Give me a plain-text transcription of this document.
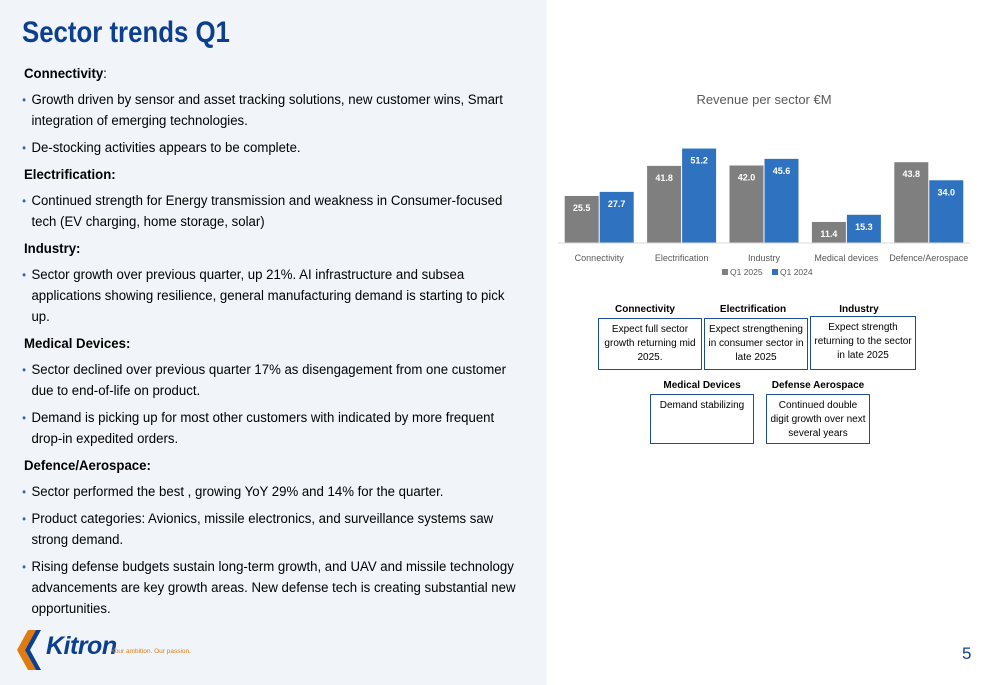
Sector trends Q1
Connectivity:
• Growth driven by sensor and asset tracking solutions, new customer wins, Smart integration of emerging technologies.
• De-stocking activities appears to be complete.
Electrification:
• Continued strength for Energy transmission and weakness in Consumer-focused tech (EV charging, home storage, solar)
Industry:
• Sector growth over previous quarter, up 21%. AI infrastructure and subsea applications showing resilience, general manufacturing demand is starting to pick up.
Medical Devices:
• Sector declined over previous quarter 17% as disengagement from one customer due to end-of-life on product.
• Demand is picking up for most other customers with indicated by more frequent drop-in expedited orders.
Defence/Aerospace:
• Sector performed the best , growing YoY 29% and 14% for the quarter.
• Product categories: Avionics, missile electronics, and surveillance systems saw strong demand.
• Rising defense budgets sustain long-term growth, and UAV and missile technology advancements are key growth areas. New defense tech is creating substantial new opportunities.
Revenue per sector €M
25.5 27.7
Connectivity
41.8
51.2
Electrification
42.0
45.6
Industry
11.4
15.3
Medical devices
43.8
34.0
Defence/Aerospace
Q1 2025 Q1 2024
Connectivity
Expect full sector growth returning mid 2025.
Electrification
Expect strengthening in consumer sector in late 2025
Industry
Expect strength returning to the sector in late 2025
Medical Devices
Demand stabilizing
Defense Aerospace
Continued double digit growth over next several years
Kitron
Your ambition. Our passion.	5
